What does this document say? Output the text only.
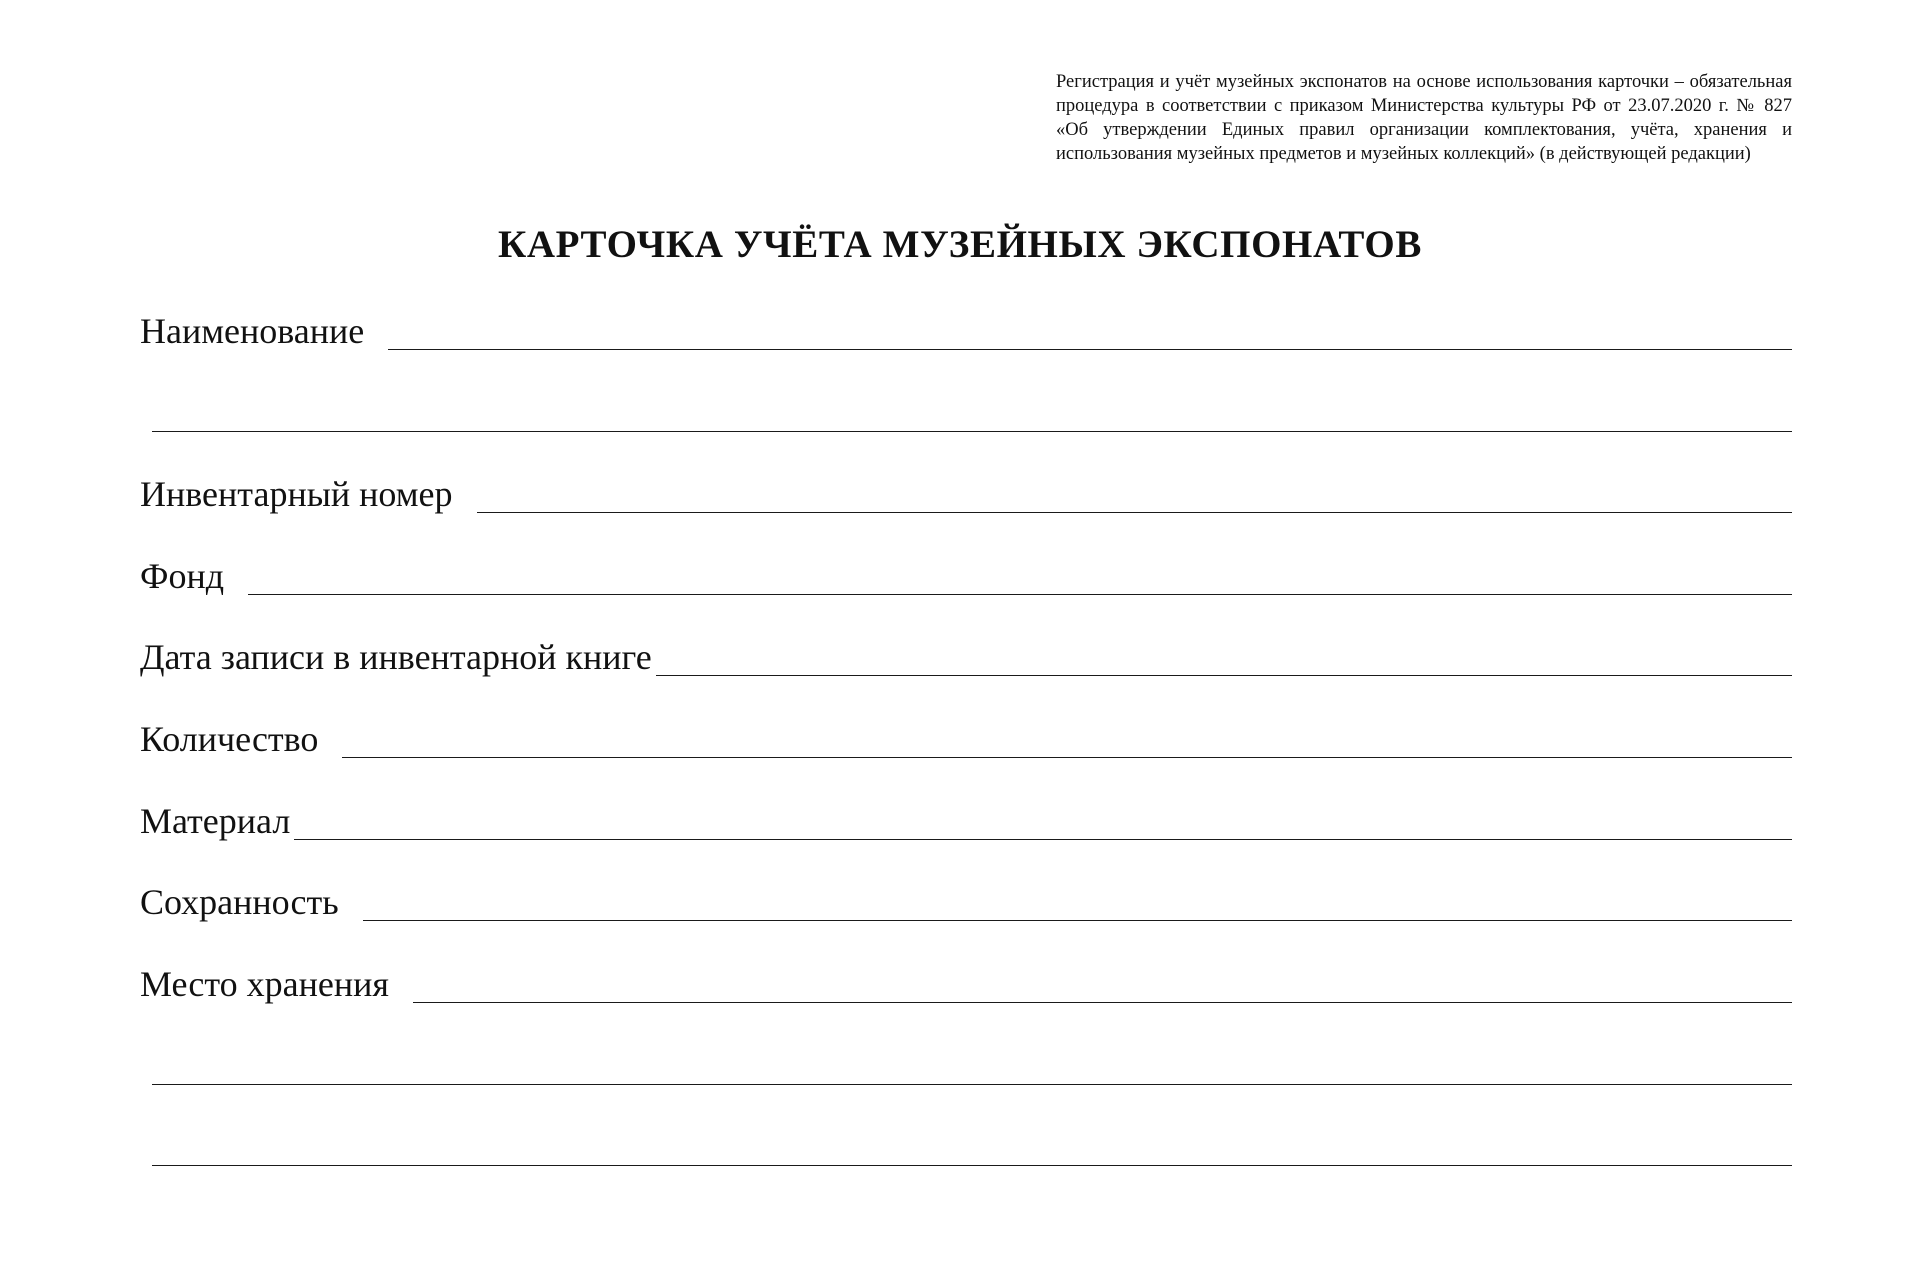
Регистрация и учёт музейных экспонатов на основе использования карточки – обязательная процедура в соответствии с приказом Министерства культуры РФ от 23.07.2020 г. № 827 «Об утверждении Единых правил организации комплектования, учёта, хранения и использования музейных предметов и музейных коллекций» (в действующей редакции)

КАРТОЧКА УЧЁТА МУЗЕЙНЫХ ЭКСПОНАТОВ
Наименование
Инвентарный номер
Фонд
Дата записи в инвентарной книге
Количество
Материал
Сохранность
Место хранения
